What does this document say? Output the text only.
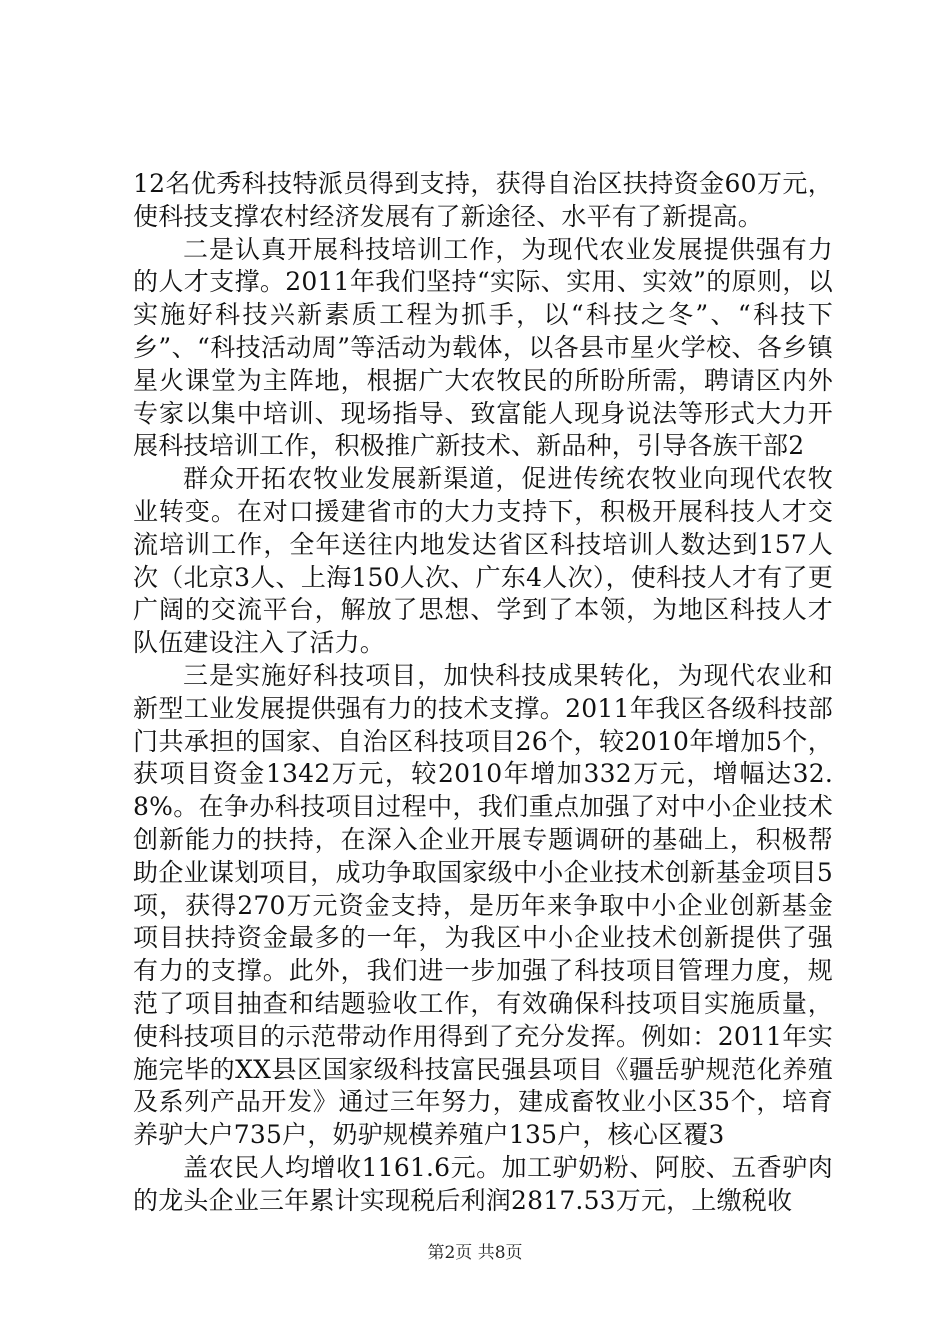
12名优秀科技特派员得到支持，获得自治区扶持资金60万元，使科技支撑农村经济发展有了新途径、水平有了新提高。

二是认真开展科技培训工作，为现代农业发展提供强有力的人才支撑。2011年我们坚持“实际、实用、实效”的原则，以实施好科技兴新素质工程为抓手，以“科技之冬”、“科技下乡”、“科技活动周”等活动为载体，以各县市星火学校、各乡镇星火课堂为主阵地，根据广大农牧民的所盼所需，聘请区内外专家以集中培训、现场指导、致富能人现身说法等形式大力开展科技培训工作，积极推广新技术、新品种，引导各族干部2

群众开拓农牧业发展新渠道，促进传统农牧业向现代农牧业转变。在对口援建省市的大力支持下，积极开展科技人才交流培训工作，全年送往内地发达省区科技培训人数达到157人次（北京3人、上海150人次、广东4人次），使科技人才有了更广阔的交流平台，解放了思想、学到了本领，为地区科技人才队伍建设注入了活力。

三是实施好科技项目，加快科技成果转化，为现代农业和新型工业发展提供强有力的技术支撑。2011年我区各级科技部门共承担的国家、自治区科技项目26个，较2010年增加5个，获项目资金1342万元，较2010年增加332万元，增幅达32.8%。在争办科技项目过程中，我们重点加强了对中小企业技术创新能力的扶持，在深入企业开展专题调研的基础上，积极帮助企业谋划项目，成功争取国家级中小企业技术创新基金项目5项，获得270万元资金支持，是历年来争取中小企业创新基金项目扶持资金最多的一年，为我区中小企业技术创新提供了强有力的支撑。此外，我们进一步加强了科技项目管理力度，规范了项目抽查和结题验收工作，有效确保科技项目实施质量，使科技项目的示范带动作用得到了充分发挥。例如：2011年实施完毕的XX县区国家级科技富民强县项目《疆岳驴规范化养殖及系列产品开发》通过三年努力，建成畜牧业小区35个，培育养驴大户735户，奶驴规模养殖户135户，核心区覆3

盖农民人均增收1161.6元。加工驴奶粉、阿胶、五香驴肉的龙头企业三年累计实现税后利润2817.53万元，上缴税收

第2页 共8页
